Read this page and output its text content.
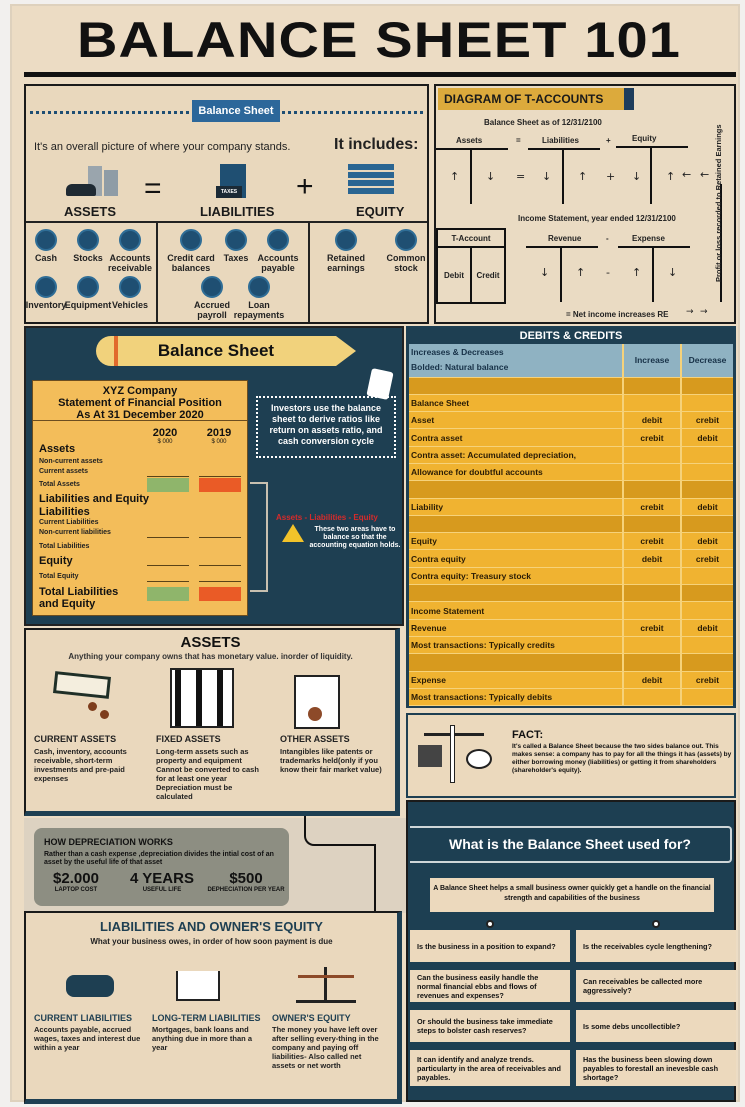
BALANCE SHEET 101
Balance Sheet
It's an overall picture of where your company stands.	It includes:
ASSETS
=	TAXES
LIABILITIES
+
EQUITY
Cash	Stocks Accounts receivable
Inventory
Equipment Vehicles
Credit card balances
Taxes	Accounts payable
Accrued payroll
Loan repayments
Retained earnings
Common stock
DIAGRAM OF T-ACCOUNTS
Balance Sheet as of 12/31/2100
Assets	=	Liabilities	+	Equity
↑ ↓ = ↓ ↑ + ↓ ↑ ← ←
Income Statement, year ended 12/31/2100
T-Account
Debit	Credit
Revenue	-	Expense
↓ ↑ - ↑ ↓
= Net income increases RE → →
Profit or loss recorded to Retained Earnings
Balance Sheet
XYZ Company
Statement of Financial Position
As At 31 December 2020
2020
$ 000
2019
$ 000
Assets
Non-current assets
Current assets
Total Assets
Liabilities and Equity
Liabilities
Current Liabilities
Non-current liabilities
Total Liabilities
Equity
Total Equity
Total Liabilities and Equity
Investors use the balance sheet to derive ratios like return on assets ratio, and cash conversion cycle
Assets - Liabilities - Equity
These two areas have to balance so that the accounting equation holds.
DEBITS & CREDITS
Increases & Decreases
Bolded: Natural balance	Increase	Decrease

Balance Sheet		
Asset	debit	crebit
Contra asset	crebit	debit
Contra asset: Accumulated depreciation,		
Allowance for doubtful accounts		

Liability	crebit	debit

Equity	crebit	debit
Contra equity	debit	crebit
Contra equity: Treasury stock		

Income Statement		
Revenue	crebit	debit
Most transactions: Typically credits		

Expense	debit	crebit
Most transactions: Typically debits		
ASSETS
Anything your company owns that has monetary value. inorder of liquidity.
CURRENT ASSETS

Cash, inventory, accounts receivable, short-term investments and pre-paid expenses

FIXED ASSETS

Long-term assets such as property and equipment Cannot be converted to cash for at least one year Depreciation must be calculated

OTHER ASSETS

Intangibles like patents or trademarks held(only if you know their fair market value)

HOW DEPRECIATION WORKS
Rather than a cash expense ,depreciation divides the intial cost of an asset by the useful life of that asset
$2.000
LAPTOP COST
4 YEARS
USEFUL LIFE
$500
DEPHECIATION PER YEAR
LIABILITIES AND OWNER'S EQUITY
What your business owes, in order of how soon payment is due
CURRENT LIABILITIES

Accounts payable, accrued wages, taxes and interest due within a year

LONG-TERM LIABILITIES

Mortgages, bank loans and anything due in more than a year

OWNER'S EQUITY

The money you have left over after selling every-thing in the company and paying off liabilities- Also called net assets or net worth

FACT:
It's called a Balance Sheet because the two sides balance out. This makes sense: a company has to pay for all the things it has (assets) by either borrowing money (liabilities) or getting it from shareholders (shareholder's equity).
What is the Balance Sheet used for?
A Balance Sheet helps a small business owner quickly get a handle on the financial strength and capabilities of the business
Is the business in a position to expand?	Is the receivables cycle lengthening?
Can the business easily handle the normal financial ebbs and flows of revenues and expenses?
Can receivables be callected more aggressively?
Or should the business take immediate steps to bolster cash reserves?	Is some debs uncollectible?
It can identify and analyze trends. particularty in the area of receivables and payables.
Has the business been slowing down payables to forestall an inevesble cash shortage?
